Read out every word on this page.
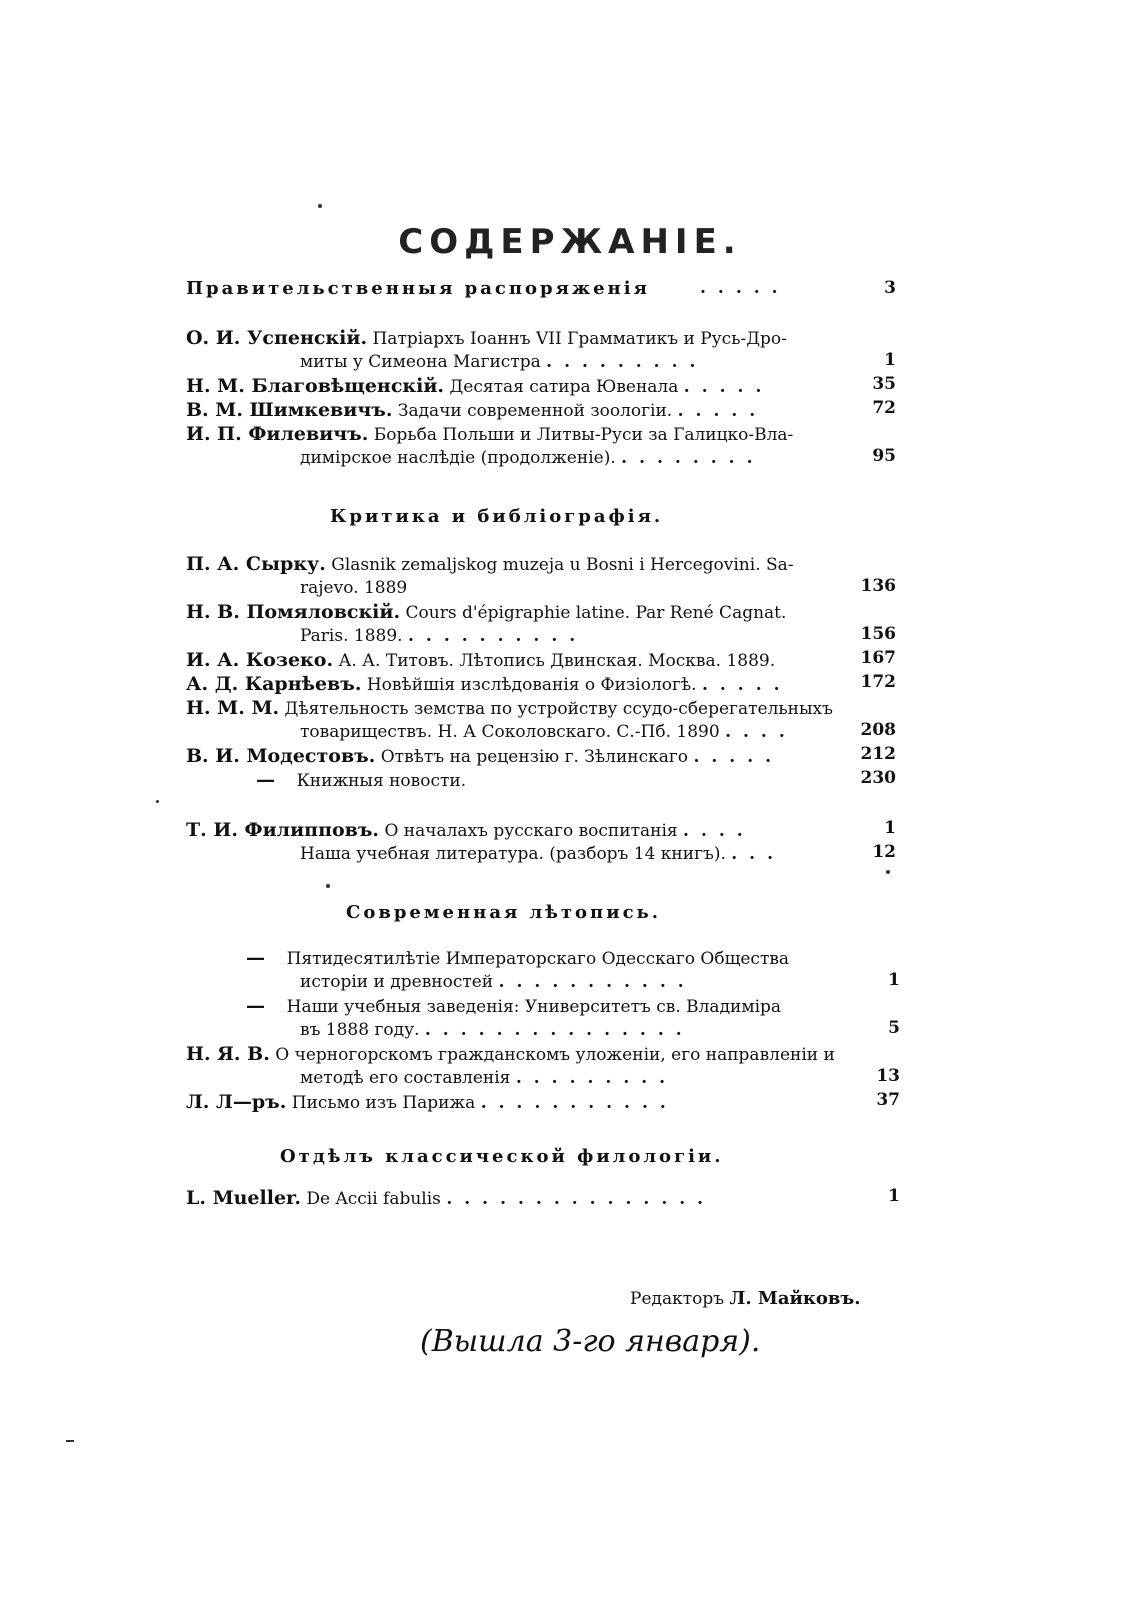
СОДЕРЖАНІЕ.
Правительственныя распоряженія	.....	3
О. И. Успенскій. Патріархъ Іоаннъ VII Грамматикъ и Русь-Дро-
миты у Симеона Магистра .........	1
Н. М. Благовѣщенскій. Десятая сатира Ювенала .....	35
В. М. Шимкевичъ. Задачи современной зоологіи. .....	72
И. П. Филевичъ. Борьба Польши и Литвы-Руси за Галицко-Вла-
димірское наслѣдіе (продолженіе). ........	95
Критика и библіографія.
П. А. Сырку. Glasnik zemaljskog muzeja u Bosni i Hercegovini. Sa-
rajevo. 1889	136
Н. В. Помяловскій. Cours d'épigraphie latine. Par René Cagnat.
Paris. 1889. ..........	156
И. А. Козеко. А. А. Титовъ. Лѣтопись Двинская. Москва. 1889.	167
А. Д. Карнѣевъ. Новѣйшія изслѣдованія о Физіологѣ. .....	172
Н. М. М. Дѣятельность земства по устройству ссудо-сберегательныхъ
товариществъ. Н. А Соколовскаго. С.-Пб. 1890 ....	208
В. И. Модестовъ. Отвѣтъ на рецензію г. Зѣлинскаго .....	212
— Книжныя новости.	230
Т. И. Филипповъ. О началахъ русскаго воспитанія ....	1
Наша учебная литература. (разборъ 14 книгъ). ...	12
Современная лѣтопись.
— Пятидесятилѣтіе Императорскаго Одесскаго Общества
исторіи и древностей ...........	1
— Наши учебныя заведенія: Университетъ св. Владиміра
въ 1888 году. ...............	5
Н. Я. В. О черногорскомъ гражданскомъ уложеніи, его направленіи и
методѣ его составленія .........	13
Л. Л—ръ. Письмо изъ Парижа ...........	37
Отдѣлъ классической филологіи.
L. Mueller. De Accii fabulis ...............	1
Редакторъ Л. Майковъ.
(Вышла 3-го января).
